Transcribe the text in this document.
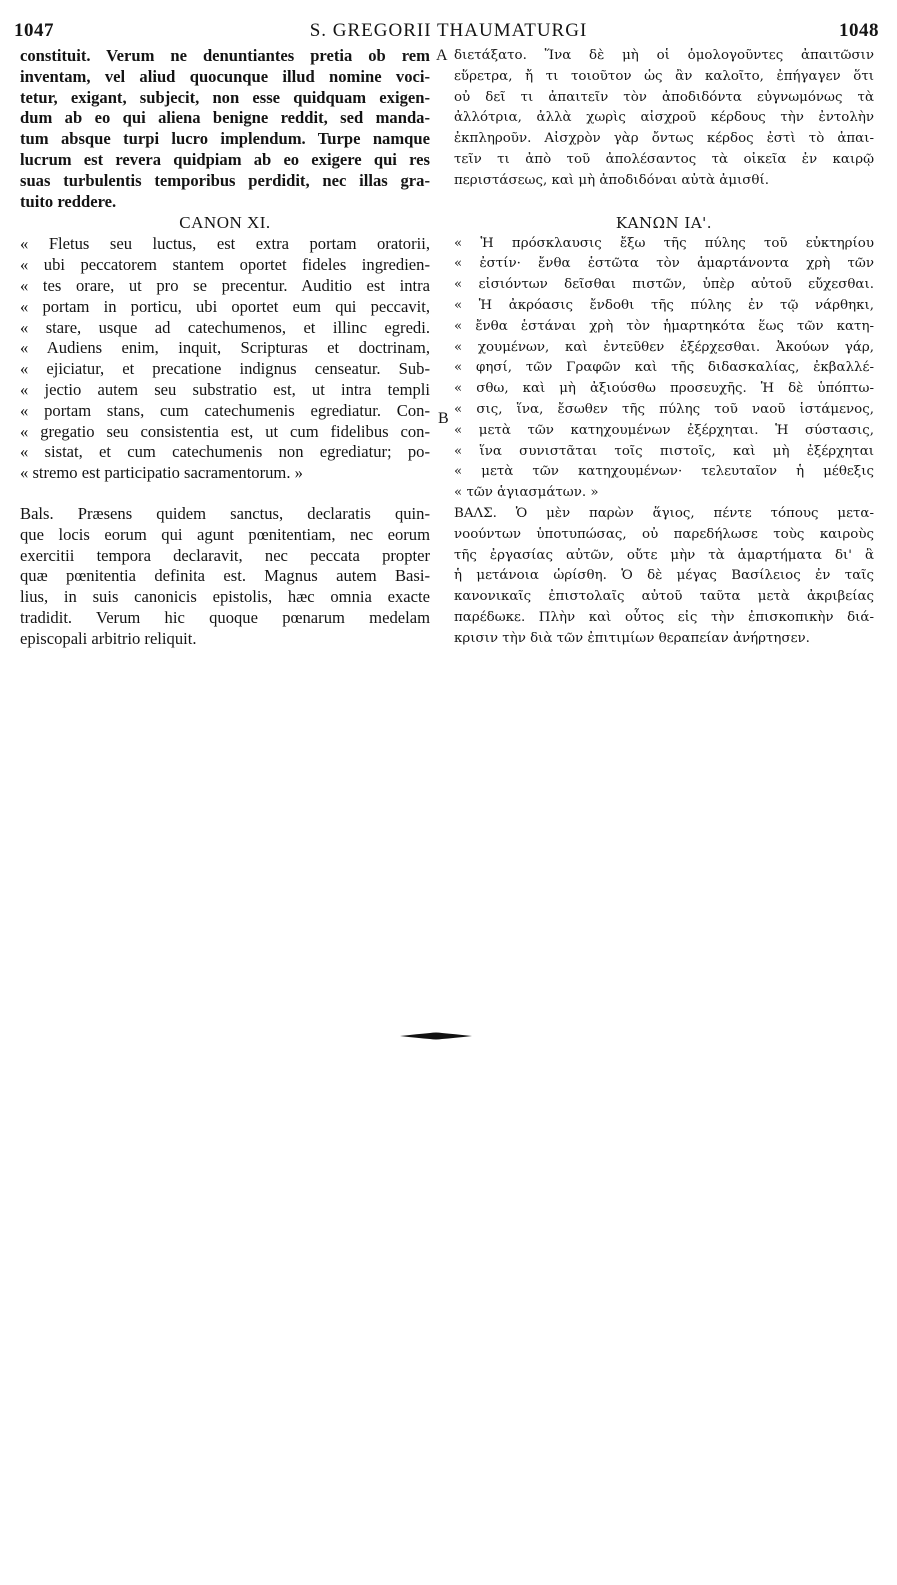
1047	S. GREGORII THAUMATURGI	1048
A
B
constituit. Verum ne denuntiantes pretia ob rem
inventam, vel aliud quocunque illud nomine voci-
tetur, exigant, subjecit, non esse quidquam exigen-
dum ab eo qui aliena benigne reddit, sed manda-
tum absque turpi lucro implendum. Turpe namque
lucrum est revera quidpiam ab eo exigere qui res
suas turbulentis temporibus perdidit, nec illas gra-
tuito reddere.
CANON XI.
« Fletus seu luctus, est extra portam oratorii,
« ubi peccatorem stantem oportet fideles ingredien-
« tes orare, ut pro se precentur. Auditio est intra
« portam in porticu, ubi oportet eum qui peccavit,
« stare, usque ad catechumenos, et illinc egredi.
« Audiens enim, inquit, Scripturas et doctrinam,
« ejiciatur, et precatione indignus censeatur. Sub-
« jectio autem seu substratio est, ut intra templi
« portam stans, cum catechumenis egrediatur. Con-
« gregatio seu consistentia est, ut cum fidelibus con-
« sistat, et cum catechumenis non egrediatur; po-
« stremo est participatio sacramentorum. »
Bals. Præsens quidem sanctus, declaratis quin-
que locis eorum qui agunt pœnitentiam, nec eorum
exercitii tempora declaravit, nec peccata propter
quæ pœnitentia definita est. Magnus autem Basi-
lius, in suis canonicis epistolis, hæc omnia exacte
tradidit. Verum hic quoque pœnarum medelam
episcopali arbitrio reliquit.
διετάξατο. Ἵνα δὲ μὴ οἱ ὁμολογοῦντες ἀπαιτῶσιν
εὕρετρα, ἤ τι τοιοῦτον ὡς ἂν καλοῖτο, ἐπήγαγεν ὅτι
οὐ δεῖ τι ἀπαιτεῖν τὸν ἀποδιδόντα εὐγνωμόνως τὰ
ἀλλότρια, ἀλλὰ χωρὶς αἰσχροῦ κέρδους τὴν ἐντολὴν
ἐκπληροῦν. Αἰσχρὸν γὰρ ὄντως κέρδος ἐστὶ τὸ ἀπαι-
τεῖν τι ἀπὸ τοῦ ἀπολέσαντος τὰ οἰκεῖα ἐν καιρῷ
περιστάσεως, καὶ μὴ ἀποδιδόναι αὐτὰ ἀμισθί.
ΚΑΝΩΝ ΙΑ'.
« Ἡ πρόσκλαυσις ἔξω τῆς πύλης τοῦ εὐκτηρίου
« ἐστίν· ἔνθα ἑστῶτα τὸν ἁμαρτάνοντα χρὴ τῶν
« εἰσιόντων δεῖσθαι πιστῶν, ὑπὲρ αὐτοῦ εὔχεσθαι.
« Ἡ ἀκρόασις ἔνδοθι τῆς πύλης ἐν τῷ νάρθηκι,
« ἔνθα ἑστάναι χρὴ τὸν ἡμαρτηκότα ἕως τῶν κατη-
« χουμένων, καὶ ἐντεῦθεν ἐξέρχεσθαι. Ἀκούων γάρ,
« φησί, τῶν Γραφῶν καὶ τῆς διδασκαλίας, ἐκβαλλέ-
« σθω, καὶ μὴ ἀξιούσθω προσευχῆς. Ἡ δὲ ὑπόπτω-
« σις, ἵνα, ἔσωθεν τῆς πύλης τοῦ ναοῦ ἱστάμενος,
« μετὰ τῶν κατηχουμένων ἐξέρχηται. Ἡ σύστασις,
« ἵνα συνιστᾶται τοῖς πιστοῖς, καὶ μὴ ἐξέρχηται
« μετὰ τῶν κατηχουμένων· τελευταῖον ἡ μέθεξις
« τῶν ἁγιασμάτων. »
ΒΑΛΣ. Ὁ μὲν παρὼν ἅγιος, πέντε τόπους μετα-
νοούντων ὑποτυπώσας, οὐ παρεδήλωσε τοὺς καιροὺς
τῆς ἐργασίας αὐτῶν, οὔτε μὴν τὰ ἁμαρτήματα δι' ἃ
ἡ μετάνοια ὡρίσθη. Ὁ δὲ μέγας Βασίλειος ἐν ταῖς
κανονικαῖς ἐπιστολαῖς αὐτοῦ ταῦτα μετὰ ἀκριβείας
παρέδωκε. Πλὴν καὶ οὗτος εἰς τὴν ἐπισκοπικὴν διά-
κρισιν τὴν διὰ τῶν ἐπιτιμίων θεραπείαν ἀνήρτησεν.
